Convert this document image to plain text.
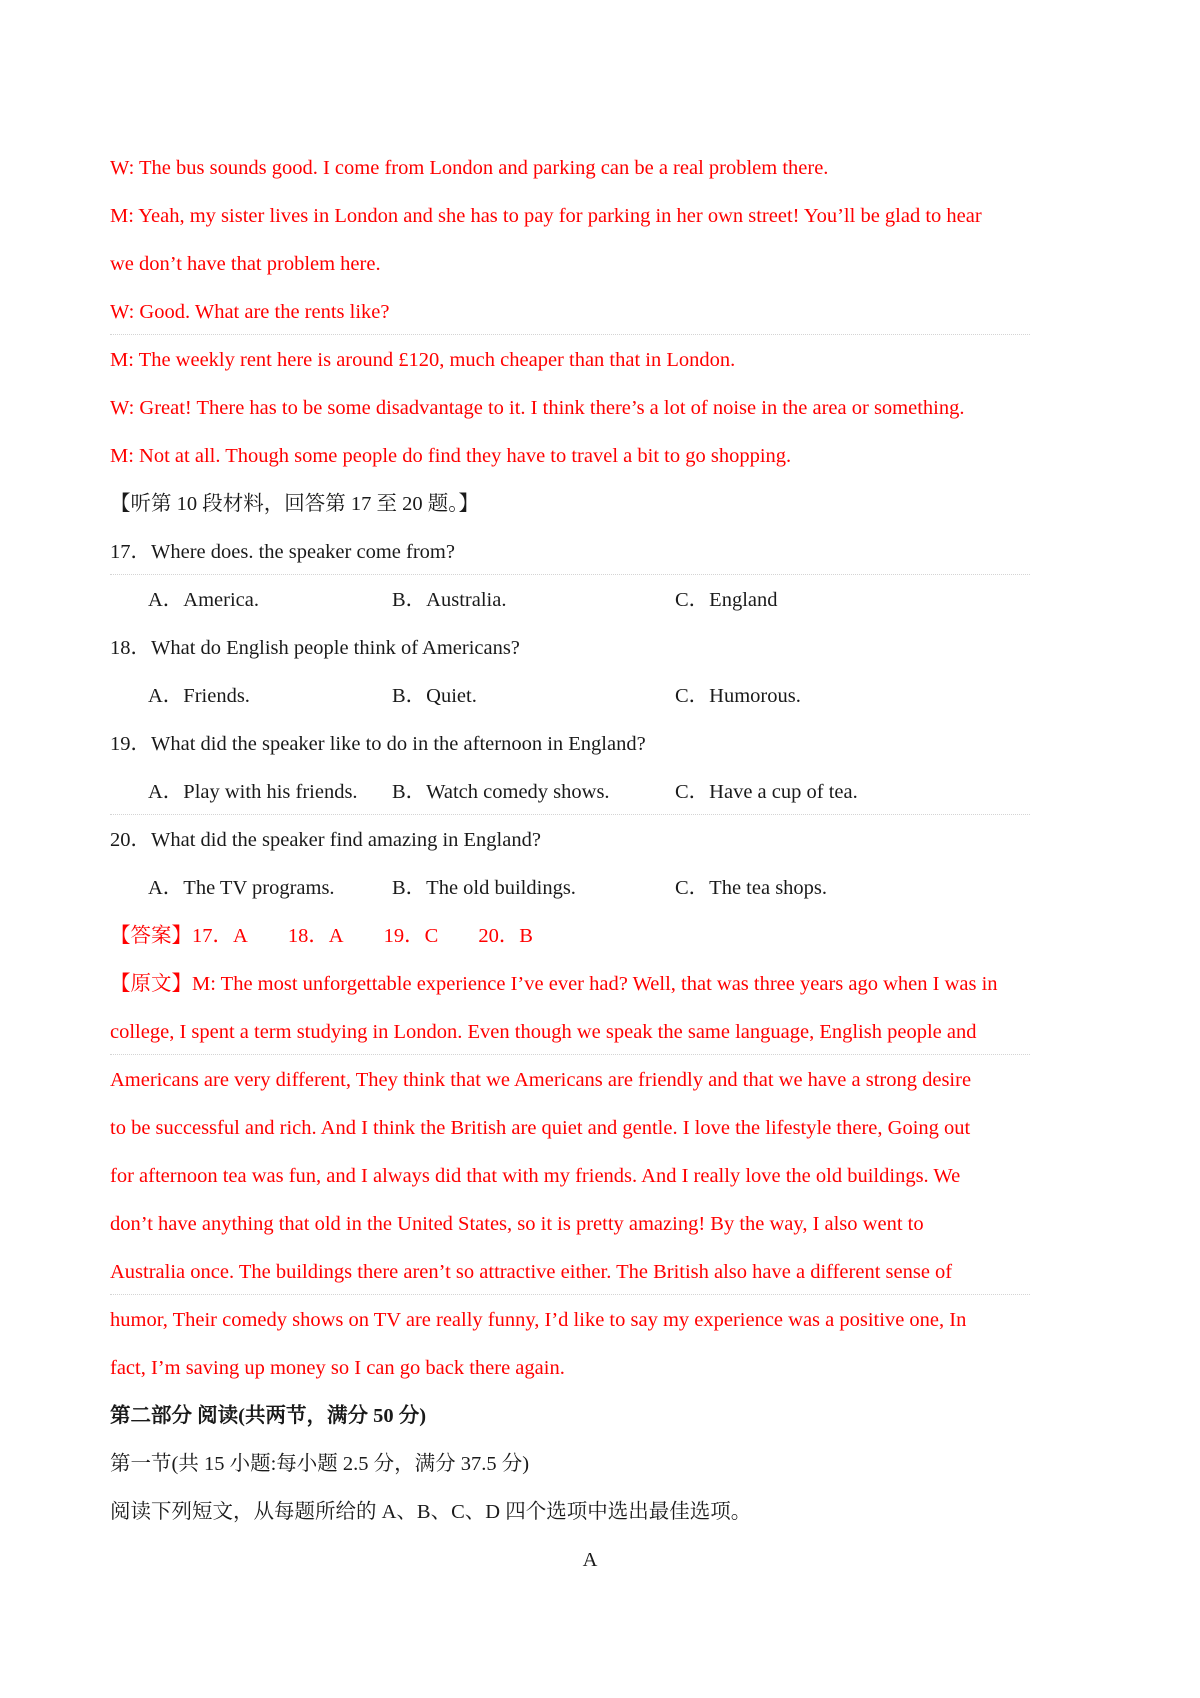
W: The bus sounds good. I come from London and parking can be a real problem there.
M: Yeah, my sister lives in London and she has to pay for parking in her own street! You’ll be glad to hear
we don’t have that problem here.
W: Good. What are the rents like?
M: The weekly rent here is around £120, much cheaper than that in London.
W: Great! There has to be some disadvantage to it. I think there’s a lot of noise in the area or something.
M: Not at all. Though some people do find they have to travel a bit to go shopping.
【听第 10 段材料，回答第 17 至 20 题。】
17．Where does. the speaker come from?
A．America.	B．Australia.	C．England
18．What do English people think of Americans?
A．Friends.	B．Quiet.	C．Humorous.
19．What did the speaker like to do in the afternoon in England?
A．Play with his friends. B．Watch comedy shows.	C．Have a cup of tea.
20．What did the speaker find amazing in England?
A．The TV programs.	B．The old buildings.	C．The tea shops.
【答案】17．A 18．A 19．C 20．B
【原文】M: The most unforgettable experience I’ve ever had? Well, that was three years ago when I was in
college, I spent a term studying in London. Even though we speak the same language, English people and
Americans are very different, They think that we Americans are friendly and that we have a strong desire
to be successful and rich. And I think the British are quiet and gentle. I love the lifestyle there, Going out
for afternoon tea was fun, and I always did that with my friends. And I really love the old buildings. We
don’t have anything that old in the United States, so it is pretty amazing! By the way, I also went to
Australia once. The buildings there aren’t so attractive either. The British also have a different sense of
humor, Their comedy shows on TV are really funny, I’d like to say my experience was a positive one, In
fact, I’m saving up money so I can go back there again.
第二部分 阅读(共两节，满分 50 分)
第一节(共 15 小题:每小题 2.5 分，满分 37.5 分)
阅读下列短文，从每题所给的 A、B、C、D 四个选项中选出最佳选项。
A
